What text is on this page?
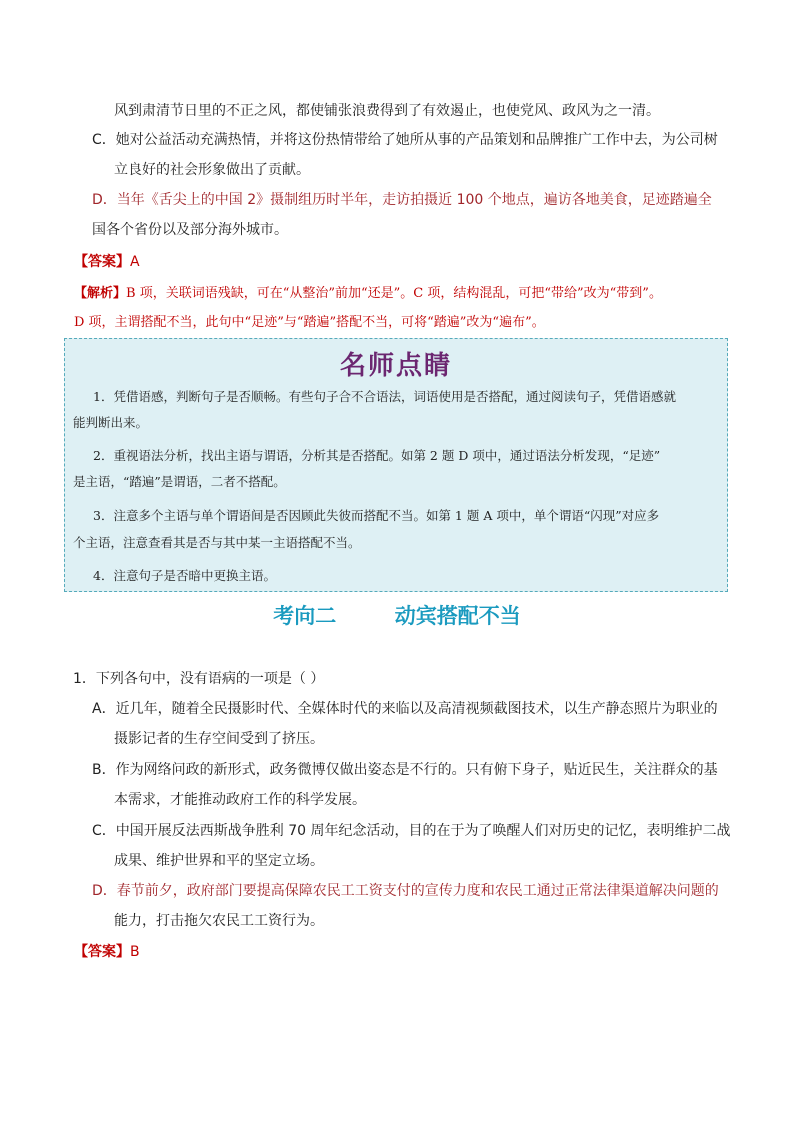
风到肃清节日里的不正之风，都使铺张浪费得到了有效遏止，也使党风、政风为之一清。
C．她对公益活动充满热情，并将这份热情带给了她所从事的产品策划和品牌推广工作中去，为公司树
立良好的社会形象做出了贡献。
D．当年《舌尖上的中国 2》摄制组历时半年，走访拍摄近 100 个地点，遍访各地美食，足迹踏遍全
国各个省份以及部分海外城市。
【答案】A
【解析】B 项，关联词语残缺，可在“从整治”前加“还是”。C 项，结构混乱，可把“带给”改为“带到”。
D 项，主谓搭配不当，此句中“足迹”与“踏遍”搭配不当，可将“踏遍”改为“遍布”。
名师点睛
1．凭借语感，判断句子是否顺畅。有些句子合不合语法，词语使用是否搭配，通过阅读句子，凭借语感就
能判断出来。
2．重视语法分析，找出主语与谓语，分析其是否搭配。如第 2 题 D 项中，通过语法分析发现，“足迹”
是主语，“踏遍”是谓语，二者不搭配。
3．注意多个主语与单个谓语间是否因顾此失彼而搭配不当。如第 1 题 A 项中，单个谓语“闪现”对应多
个主语，注意查看其是否与其中某一主语搭配不当。
4．注意句子是否暗中更换主语。
考向二        动宾搭配不当
1．下列各句中，没有语病的一项是（ ）
A．近几年，随着全民摄影时代、全媒体时代的来临以及高清视频截图技术，以生产静态照片为职业的
摄影记者的生存空间受到了挤压。
B．作为网络问政的新形式，政务微博仅做出姿态是不行的。只有俯下身子，贴近民生，关注群众的基
本需求，才能推动政府工作的科学发展。
C．中国开展反法西斯战争胜利 70 周年纪念活动，目的在于为了唤醒人们对历史的记忆，表明维护二战
成果、维护世界和平的坚定立场。
D．春节前夕，政府部门要提高保障农民工工资支付的宣传力度和农民工通过正常法律渠道解决问题的
能力，打击拖欠农民工工资行为。
【答案】B
